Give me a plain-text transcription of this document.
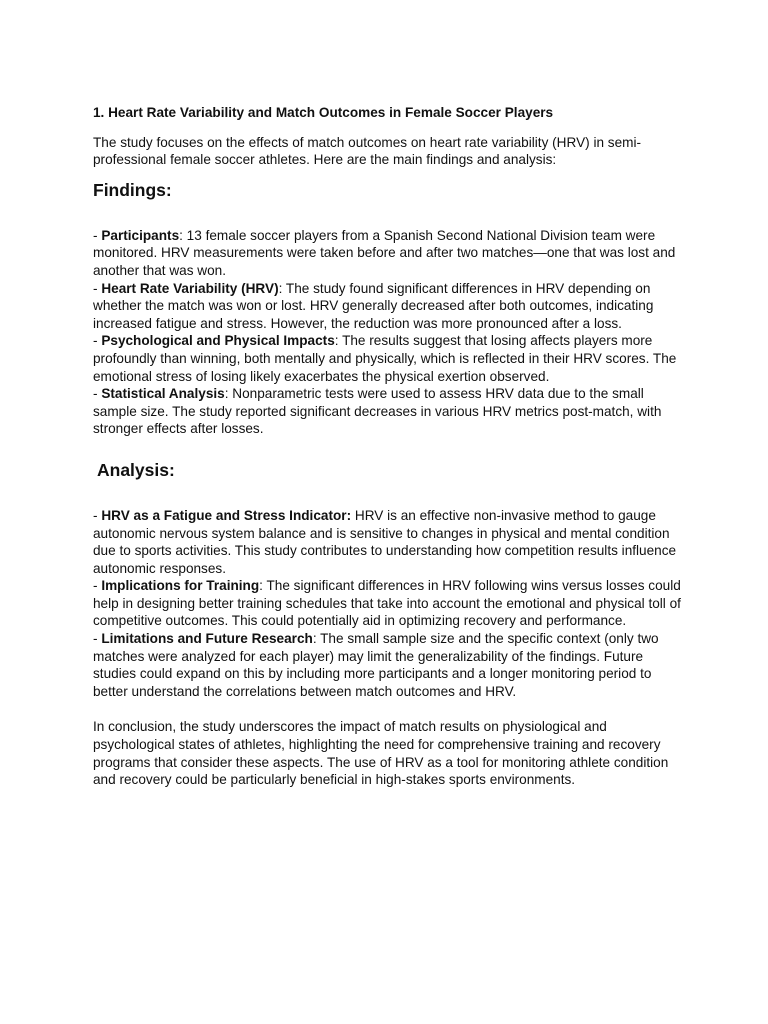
1. Heart Rate Variability and Match Outcomes in Female Soccer Players

The study focuses on the effects of match outcomes on heart rate variability (HRV) in semi-professional female soccer athletes. Here are the main findings and analysis:

Findings:
- Participants: 13 female soccer players from a Spanish Second National Division team were monitored. HRV measurements were taken before and after two matches—one that was lost and another that was won.
- Heart Rate Variability (HRV): The study found significant differences in HRV depending on whether the match was won or lost. HRV generally decreased after both outcomes, indicating increased fatigue and stress. However, the reduction was more pronounced after a loss.
- Psychological and Physical Impacts: The results suggest that losing affects players more profoundly than winning, both mentally and physically, which is reflected in their HRV scores. The emotional stress of losing likely exacerbates the physical exertion observed.
- Statistical Analysis: Nonparametric tests were used to assess HRV data due to the small sample size. The study reported significant decreases in various HRV metrics post-match, with stronger effects after losses.
Analysis:
- HRV as a Fatigue and Stress Indicator: HRV is an effective non-invasive method to gauge autonomic nervous system balance and is sensitive to changes in physical and mental condition due to sports activities. This study contributes to understanding how competition results influence autonomic responses.
- Implications for Training: The significant differences in HRV following wins versus losses could help in designing better training schedules that take into account the emotional and physical toll of competitive outcomes. This could potentially aid in optimizing recovery and performance.
- Limitations and Future Research: The small sample size and the specific context (only two matches were analyzed for each player) may limit the generalizability of the findings. Future studies could expand on this by including more participants and a longer monitoring period to better understand the correlations between match outcomes and HRV.

In conclusion, the study underscores the impact of match results on physiological and psychological states of athletes, highlighting the need for comprehensive training and recovery programs that consider these aspects. The use of HRV as a tool for monitoring athlete condition and recovery could be particularly beneficial in high-stakes sports environments.
